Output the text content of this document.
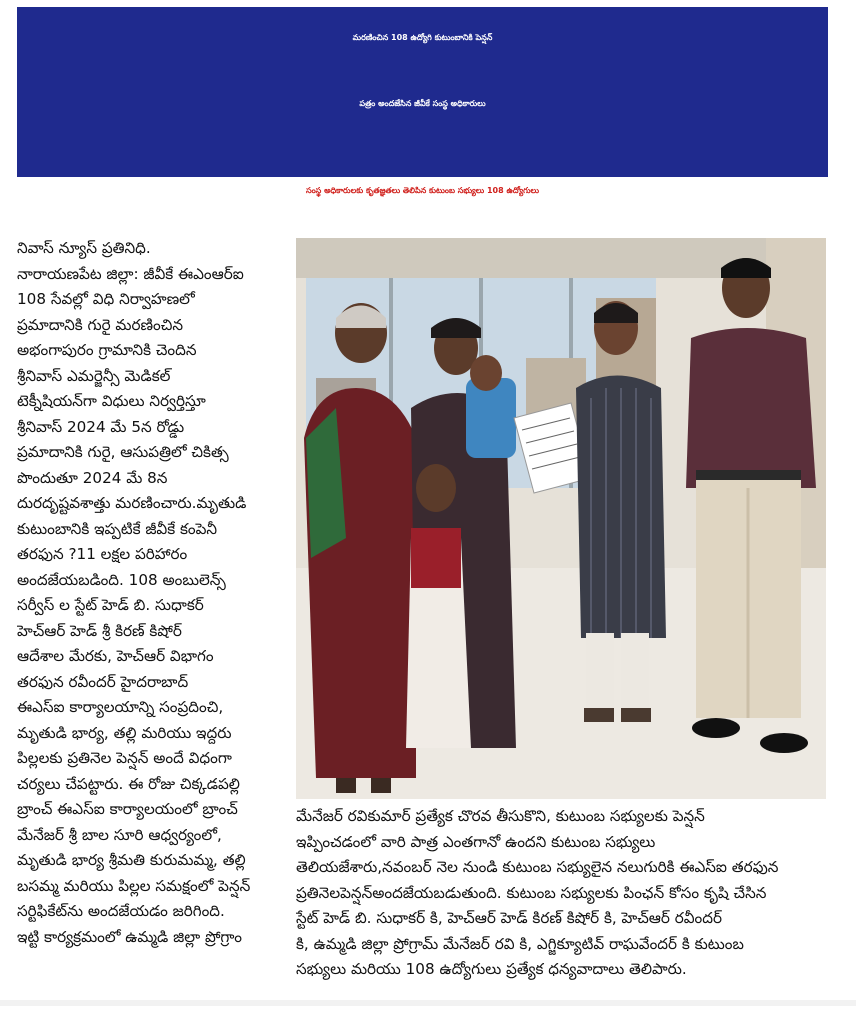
మరణించిన 108 ఉద్యోగి కుటుంబానికి పెన్షన్
పత్రం అందజేసిన జీవీకే సంస్థ అధికారులు
సంస్థ అధికారులకు కృతజ్ఞతలు తెలిపిన కుటుంబ సభ్యులు 108 ఉద్యోగులు

నివాస్ న్యూస్ ప్రతినిధి.

నారాయణపేట జిల్లా: జీవీకే ఈఎంఆర్ఐ

108 సేవల్లో విధి నిర్వాహణలో

ప్రమాదానికి గురై మరణించిన

అభంగాపురం గ్రామానికి చెందిన

శ్రీనివాస్ ఎమర్జెన్సీ మెడికల్

టెక్నీషియన్‌గా విధులు నిర్వర్తిస్తూ

శ్రీనివాస్ 2024 మే 5న రోడ్డు

ప్రమాదానికి గురై, ఆసుపత్రిలో చికిత్స

పొందుతూ 2024 మే 8న

దురదృష్టవశాత్తు మరణించారు.మృతుడి

కుటుంబానికి ఇప్పటికే జీవీకే కంపెనీ

తరఫున ?11 లక్షల పరిహారం

అందజేయబడింది. 108 అంబులెన్స్

సర్వీస్ ల స్టేట్ హెడ్ బి. సుధాకర్

హెచ్ఆర్ హెడ్ శ్రీ కిరణ్ కిషోర్

ఆదేశాల మేరకు, హెచ్ఆర్ విభాగం

తరఫున రవీందర్ హైదరాబాద్

ఈఎస్ఐ కార్యాలయాన్ని సంప్రదించి,

మృతుడి భార్య, తల్లి మరియు ఇద్దరు

పిల్లలకు ప్రతినెల పెన్షన్ అందే విధంగా

చర్యలు చేపట్టారు. ఈ రోజు చిక్కడపల్లి

బ్రాంచ్ ఈఎస్ఐ కార్యాలయంలో బ్రాంచ్

మేనేజర్ శ్రీ బాల సూరి ఆధ్వర్యంలో,

మృతుడి భార్య శ్రీమతి కురుమమ్మ, తల్లి

బసమ్మ మరియు పిల్లల సమక్షంలో పెన్షన్

సర్టిఫికేట్‌ను అందజేయడం జరిగింది.

ఇట్టి కార్యక్రమంలో ఉమ్మడి జిల్లా ప్రోగ్రాం

మేనేజర్ రవికుమార్ ప్రత్యేక చొరవ తీసుకొని, కుటుంబ సభ్యులకు పెన్షన్

ఇప్పించడంలో వారి పాత్ర ఎంతగానో ఉందని కుటుంబ సభ్యులు

తెలియజేశారు,నవంబర్ నెల నుండి కుటుంబ సభ్యులైన నలుగురికి ఈఎస్ఐ తరఫున

ప్రతినెలపెన్షన్‌అందజేయబడుతుంది. కుటుంబ సభ్యులకు పింఛన్ కోసం కృషి చేసిన

స్టేట్ హెడ్ బి. సుధాకర్ కి, హెచ్ఆర్ హెడ్ కిరణ్ కిషోర్ కి, హెచ్ఆర్ రవీందర్

కి, ఉమ్మడి జిల్లా ప్రోగ్రామ్ మేనేజర్ రవి కి, ఎగ్జిక్యూటివ్ రాఘవేందర్ కి కుటుంబ

సభ్యులు మరియు 108 ఉద్యోగులు ప్రత్యేక ధన్యవాదాలు తెలిపారు.
